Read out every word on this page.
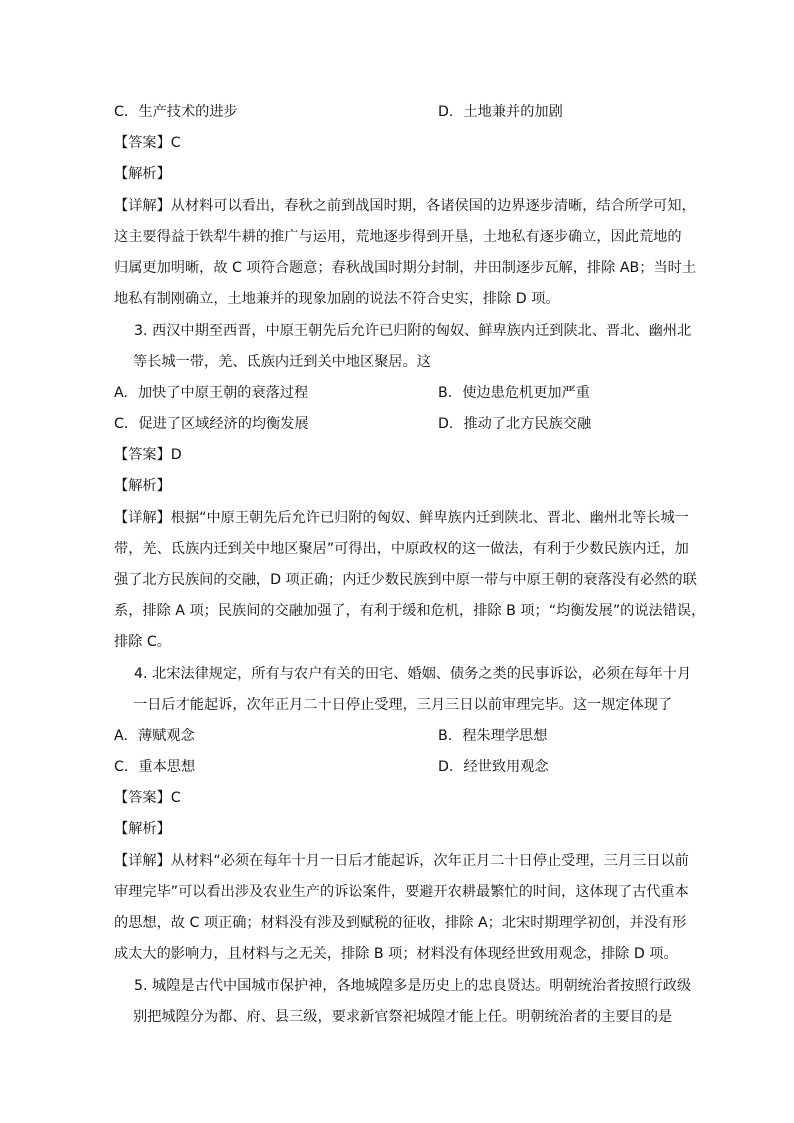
C. 生产技术的进步	D. 土地兼并的加剧
【答案】C
【解析】
【详解】从材料可以看出，春秋之前到战国时期，各诸侯国的边界逐步清晰，结合所学可知，
这主要得益于铁犁牛耕的推广与运用，荒地逐步得到开垦，土地私有逐步确立，因此荒地的
归属更加明晰，故 C 项符合题意；春秋战国时期分封制，井田制逐步瓦解，排除 AB；当时土
地私有制刚确立，土地兼并的现象加剧的说法不符合史实，排除 D 项。
3. 西汉中期至西晋，中原王朝先后允许已归附的匈奴、鲜卑族内迁到陕北、晋北、幽州北
等长城一带，羌、氐族内迁到关中地区聚居。这
A. 加快了中原王朝的衰落过程	B. 使边患危机更加严重
C. 促进了区域经济的均衡发展	D. 推动了北方民族交融
【答案】D
【解析】
【详解】根据“中原王朝先后允许已归附的匈奴、鲜卑族内迁到陕北、晋北、幽州北等长城一
带，羌、氐族内迁到关中地区聚居”可得出，中原政权的这一做法，有利于少数民族内迁，加
强了北方民族间的交融，D 项正确；内迁少数民族到中原一带与中原王朝的衰落没有必然的联
系，排除 A 项；民族间的交融加强了，有利于缓和危机，排除 B 项；“均衡发展”的说法错误，
排除 C。
4. 北宋法律规定，所有与农户有关的田宅、婚姻、债务之类的民事诉讼，必须在每年十月
一日后才能起诉，次年正月二十日停止受理，三月三日以前审理完毕。这一规定体现了
A. 薄赋观念	B. 程朱理学思想
C. 重本思想	D. 经世致用观念
【答案】C
【解析】
【详解】从材料“必须在每年十月一日后才能起诉，次年正月二十日停止受理，三月三日以前
审理完毕”可以看出涉及农业生产的诉讼案件，要避开农耕最繁忙的时间，这体现了古代重本
的思想，故 C 项正确；材料没有涉及到赋税的征收，排除 A；北宋时期理学初创，并没有形
成太大的影响力，且材料与之无关，排除 B 项；材料没有体现经世致用观念，排除 D 项。
5. 城隍是古代中国城市保护神，各地城隍多是历史上的忠良贤达。明朝统治者按照行政级
别把城隍分为都、府、县三级，要求新官祭祀城隍才能上任。明朝统治者的主要目的是
